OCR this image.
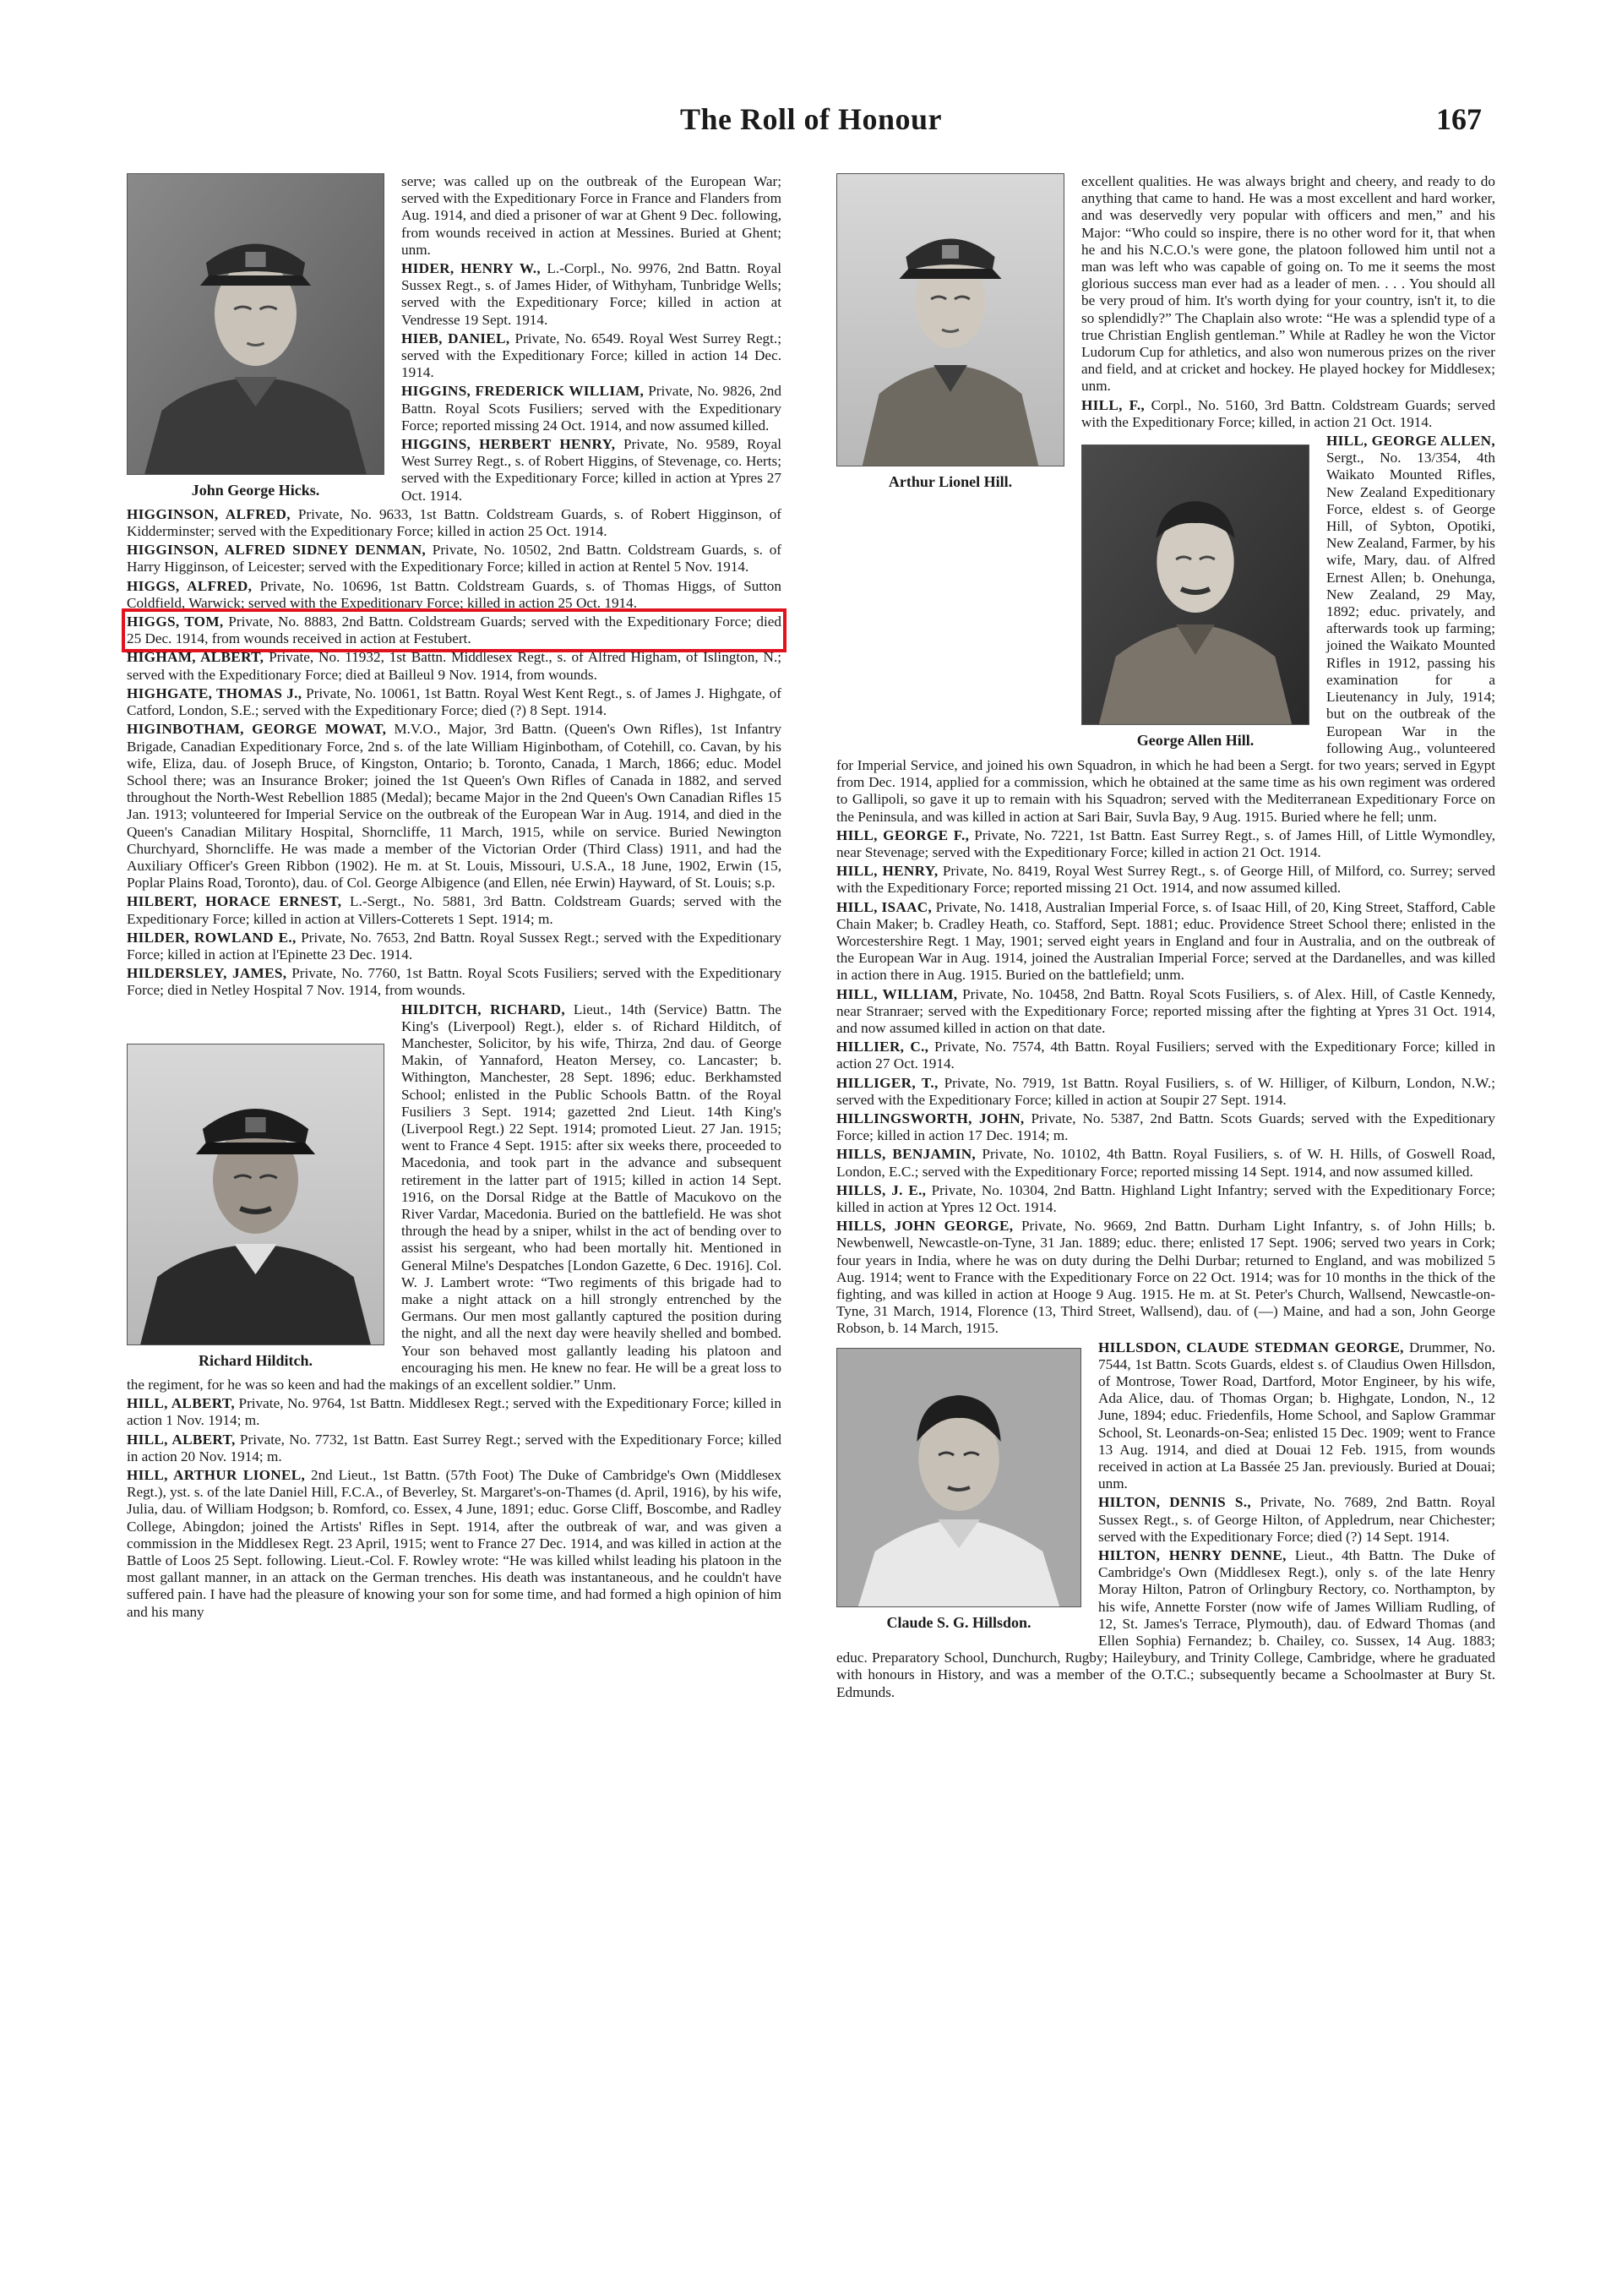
The Roll of Honour	167
John George Hicks.

serve; was called up on the outbreak of the European War; served with the Expeditionary Force in France and Flanders from Aug. 1914, and died a prisoner of war at Ghent 9 Dec. following, from wounds received in action at Messines. Buried at Ghent; unm.

HIDER, HENRY W., L.-Corpl., No. 9976, 2nd Battn. Royal Sussex Regt., s. of James Hider, of Withyham, Tunbridge Wells; served with the Expeditionary Force; killed in action at Vendresse 19 Sept. 1914.

HIEB, DANIEL, Private, No. 6549. Royal West Surrey Regt.; served with the Expeditionary Force; killed in action 14 Dec. 1914.

HIGGINS, FREDERICK WILLIAM, Private, No. 9826, 2nd Battn. Royal Scots Fusiliers; served with the Expeditionary Force; reported missing 24 Oct. 1914, and now assumed killed.

HIGGINS, HERBERT HENRY, Private, No. 9589, Royal West Surrey Regt., s. of Robert Higgins, of Stevenage, co. Herts; served with the Expeditionary Force; killed in action at Ypres 27 Oct. 1914.

HIGGINSON, ALFRED, Private, No. 9633, 1st Battn. Coldstream Guards, s. of Robert Higginson, of Kidderminster; served with the Expeditionary Force; killed in action 25 Oct. 1914.

HIGGINSON, ALFRED SIDNEY DENMAN, Private, No. 10502, 2nd Battn. Coldstream Guards, s. of Harry Higginson, of Leicester; served with the Expeditionary Force; killed in action at Rentel 5 Nov. 1914.

HIGGS, ALFRED, Private, No. 10696, 1st Battn. Coldstream Guards, s. of Thomas Higgs, of Sutton Coldfield, Warwick; served with the Expeditionary Force; killed in action 25 Oct. 1914.

HIGGS, TOM, Private, No. 8883, 2nd Battn. Coldstream Guards; served with the Expeditionary Force; died 25 Dec. 1914, from wounds received in action at Festubert.

HIGHAM, ALBERT, Private, No. 11932, 1st Battn. Middlesex Regt., s. of Alfred Higham, of Islington, N.; served with the Expeditionary Force; died at Bailleul 9 Nov. 1914, from wounds.

HIGHGATE, THOMAS J., Private, No. 10061, 1st Battn. Royal West Kent Regt., s. of James J. Highgate, of Catford, London, S.E.; served with the Expeditionary Force; died (?) 8 Sept. 1914.

HIGINBOTHAM, GEORGE MOWAT, M.V.O., Major, 3rd Battn. (Queen's Own Rifles), 1st Infantry Brigade, Canadian Expeditionary Force, 2nd s. of the late William Higinbotham, of Cotehill, co. Cavan, by his wife, Eliza, dau. of Joseph Bruce, of Kingston, Ontario; b. Toronto, Canada, 1 March, 1866; educ. Model School there; was an Insurance Broker; joined the 1st Queen's Own Rifles of Canada in 1882, and served throughout the North-West Rebellion 1885 (Medal); became Major in the 2nd Queen's Own Canadian Rifles 15 Jan. 1913; volunteered for Imperial Service on the outbreak of the European War in Aug. 1914, and died in the Queen's Canadian Military Hospital, Shorncliffe, 11 March, 1915, while on service. Buried Newington Churchyard, Shorncliffe. He was made a member of the Victorian Order (Third Class) 1911, and had the Auxiliary Officer's Green Ribbon (1902). He m. at St. Louis, Missouri, U.S.A., 18 June, 1902, Erwin (15, Poplar Plains Road, Toronto), dau. of Col. George Albigence (and Ellen, née Erwin) Hayward, of St. Louis; s.p.

HILBERT, HORACE ERNEST, L.-Sergt., No. 5881, 3rd Battn. Coldstream Guards; served with the Expeditionary Force; killed in action at Villers-Cotterets 1 Sept. 1914; m.

HILDER, ROWLAND E., Private, No. 7653, 2nd Battn. Royal Sussex Regt.; served with the Expeditionary Force; killed in action at l'Epinette 23 Dec. 1914.

HILDERSLEY, JAMES, Private, No. 7760, 1st Battn. Royal Scots Fusiliers; served with the Expeditionary Force; died in Netley Hospital 7 Nov. 1914, from wounds.

Richard Hilditch.

HILDITCH, RICHARD, Lieut., 14th (Service) Battn. The King's (Liverpool) Regt.), elder s. of Richard Hilditch, of Manchester, Solicitor, by his wife, Thirza, 2nd dau. of George Makin, of Yannaford, Heaton Mersey, co. Lancaster; b. Withington, Manchester, 28 Sept. 1896; educ. Berkhamsted School; enlisted in the Public Schools Battn. of the Royal Fusiliers 3 Sept. 1914; gazetted 2nd Lieut. 14th King's (Liverpool Regt.) 22 Sept. 1914; promoted Lieut. 27 Jan. 1915; went to France 4 Sept. 1915: after six weeks there, proceeded to Macedonia, and took part in the advance and subsequent retirement in the latter part of 1915; killed in action 14 Sept. 1916, on the Dorsal Ridge at the Battle of Macukovo on the River Vardar, Macedonia. Buried on the battlefield. He was shot through the head by a sniper, whilst in the act of bending over to assist his sergeant, who had been mortally hit. Mentioned in General Milne's Despatches [London Gazette, 6 Dec. 1916]. Col. W. J. Lambert wrote: “Two regiments of this brigade had to make a night attack on a hill strongly entrenched by the Germans. Our men most gallantly captured the position during the night, and all the next day were heavily shelled and bombed. Your son behaved most gallantly leading his platoon and encouraging his men. He knew no fear. He will be a great loss to the regiment, for he was so keen and had the makings of an excellent soldier.” Unm.

HILL, ALBERT, Private, No. 9764, 1st Battn. Middlesex Regt.; served with the Expeditionary Force; killed in action 1 Nov. 1914; m.

HILL, ALBERT, Private, No. 7732, 1st Battn. East Surrey Regt.; served with the Expeditionary Force; killed in action 20 Nov. 1914; m.

HILL, ARTHUR LIONEL, 2nd Lieut., 1st Battn. (57th Foot) The Duke of Cambridge's Own (Middlesex Regt.), yst. s. of the late Daniel Hill, F.C.A., of Beverley, St. Margaret's-on-Thames (d. April, 1916), by his wife, Julia, dau. of William Hodgson; b. Romford, co. Essex, 4 June, 1891; educ. Gorse Cliff, Boscombe, and Radley College, Abingdon; joined the Artists' Rifles in Sept. 1914, after the outbreak of war, and was given a commission in the Middlesex Regt. 23 April, 1915; went to France 27 Dec. 1914, and was killed in action at the Battle of Loos 25 Sept. following. Lieut.-Col. F. Rowley wrote: “He was killed whilst leading his platoon in the most gallant manner, in an attack on the German trenches. His death was instantaneous, and he couldn't have suffered pain. I have had the pleasure of knowing your son for some time, and had formed a high opinion of him and his many

Arthur Lionel Hill.

excellent qualities. He was always bright and cheery, and ready to do anything that came to hand. He was a most excellent and hard worker, and was deservedly very popular with officers and men,” and his Major: “Who could so inspire, there is no other word for it, that when he and his N.C.O.'s were gone, the platoon followed him until not a man was left who was capable of going on. To me it seems the most glorious success man ever had as a leader of men. . . . You should all be very proud of him. It's worth dying for your country, isn't it, to die so splendidly?” The Chaplain also wrote: “He was a splendid type of a true Christian English gentleman.” While at Radley he won the Victor Ludorum Cup for athletics, and also won numerous prizes on the river and field, and at cricket and hockey. He played hockey for Middlesex; unm.

HILL, F., Corpl., No. 5160, 3rd Battn. Coldstream Guards; served with the Expeditionary Force; killed, in action 21 Oct. 1914.

George Allen Hill.

HILL, GEORGE ALLEN, Sergt., No. 13/354, 4th Waikato Mounted Rifles, New Zealand Expeditionary Force, eldest s. of George Hill, of Sybton, Opotiki, New Zealand, Farmer, by his wife, Mary, dau. of Alfred Ernest Allen; b. Onehunga, New Zealand, 29 May, 1892; educ. privately, and afterwards took up farming; joined the Waikato Mounted Rifles in 1912, passing his examination for a Lieutenancy in July, 1914; but on the outbreak of the European War in the following Aug., volunteered for Imperial Service, and joined his own Squadron, in which he had been a Sergt. for two years; served in Egypt from Dec. 1914, applied for a commission, which he obtained at the same time as his own regiment was ordered to Gallipoli, so gave it up to remain with his Squadron; served with the Mediterranean Expeditionary Force on the Peninsula, and was killed in action at Sari Bair, Suvla Bay, 9 Aug. 1915. Buried where he fell; unm.

HILL, GEORGE F., Private, No. 7221, 1st Battn. East Surrey Regt., s. of James Hill, of Little Wymondley, near Stevenage; served with the Expeditionary Force; killed in action 21 Oct. 1914.

HILL, HENRY, Private, No. 8419, Royal West Surrey Regt., s. of George Hill, of Milford, co. Surrey; served with the Expeditionary Force; reported missing 21 Oct. 1914, and now assumed killed.

HILL, ISAAC, Private, No. 1418, Australian Imperial Force, s. of Isaac Hill, of 20, King Street, Stafford, Cable Chain Maker; b. Cradley Heath, co. Stafford, Sept. 1881; educ. Providence Street School there; enlisted in the Worcestershire Regt. 1 May, 1901; served eight years in England and four in Australia, and on the outbreak of the European War in Aug. 1914, joined the Australian Imperial Force; served at the Dardanelles, and was killed in action there in Aug. 1915. Buried on the battlefield; unm.

HILL, WILLIAM, Private, No. 10458, 2nd Battn. Royal Scots Fusiliers, s. of Alex. Hill, of Castle Kennedy, near Stranraer; served with the Expeditionary Force; reported missing after the fighting at Ypres 31 Oct. 1914, and now assumed killed in action on that date.

HILLIER, C., Private, No. 7574, 4th Battn. Royal Fusiliers; served with the Expeditionary Force; killed in action 27 Oct. 1914.

HILLIGER, T., Private, No. 7919, 1st Battn. Royal Fusiliers, s. of W. Hilliger, of Kilburn, London, N.W.; served with the Expeditionary Force; killed in action at Soupir 27 Sept. 1914.

HILLINGSWORTH, JOHN, Private, No. 5387, 2nd Battn. Scots Guards; served with the Expeditionary Force; killed in action 17 Dec. 1914; m.

HILLS, BENJAMIN, Private, No. 10102, 4th Battn. Royal Fusiliers, s. of W. H. Hills, of Goswell Road, London, E.C.; served with the Expeditionary Force; reported missing 14 Sept. 1914, and now assumed killed.

HILLS, J. E., Private, No. 10304, 2nd Battn. Highland Light Infantry; served with the Expeditionary Force; killed in action at Ypres 12 Oct. 1914.

HILLS, JOHN GEORGE, Private, No. 9669, 2nd Battn. Durham Light Infantry, s. of John Hills; b. Newbenwell, Newcastle-on-Tyne, 31 Jan. 1889; educ. there; enlisted 17 Sept. 1906; served two years in Cork; four years in India, where he was on duty during the Delhi Durbar; returned to England, and was mobilized 5 Aug. 1914; went to France with the Expeditionary Force on 22 Oct. 1914; was for 10 months in the thick of the fighting, and was killed in action at Hooge 9 Aug. 1915. He m. at St. Peter's Church, Wallsend, Newcastle-on-Tyne, 31 March, 1914, Florence (13, Third Street, Wallsend), dau. of (—) Maine, and had a son, John George Robson, b. 14 March, 1915.

Claude S. G. Hillsdon.

HILLSDON, CLAUDE STEDMAN GEORGE, Drummer, No. 7544, 1st Battn. Scots Guards, eldest s. of Claudius Owen Hillsdon, of Montrose, Tower Road, Dartford, Motor Engineer, by his wife, Ada Alice, dau. of Thomas Organ; b. Highgate, London, N., 12 June, 1894; educ. Friedenfils, Home School, and Saplow Grammar School, St. Leonards-on-Sea; enlisted 15 Dec. 1909; went to France 13 Aug. 1914, and died at Douai 12 Feb. 1915, from wounds received in action at La Bassée 25 Jan. previously. Buried at Douai; unm.

HILTON, DENNIS S., Private, No. 7689, 2nd Battn. Royal Sussex Regt., s. of George Hilton, of Appledrum, near Chichester; served with the Expeditionary Force; died (?) 14 Sept. 1914.

HILTON, HENRY DENNE, Lieut., 4th Battn. The Duke of Cambridge's Own (Middlesex Regt.), only s. of the late Henry Moray Hilton, Patron of Orlingbury Rectory, co. Northampton, by his wife, Annette Forster (now wife of James William Rudling, of 12, St. James's Terrace, Plymouth), dau. of Edward Thomas (and Ellen Sophia) Fernandez; b. Chailey, co. Sussex, 14 Aug. 1883; educ. Preparatory School, Dunchurch, Rugby; Haileybury, and Trinity College, Cambridge, where he graduated with honours in History, and was a member of the O.T.C.; subsequently became a Schoolmaster at Bury St. Edmunds.
